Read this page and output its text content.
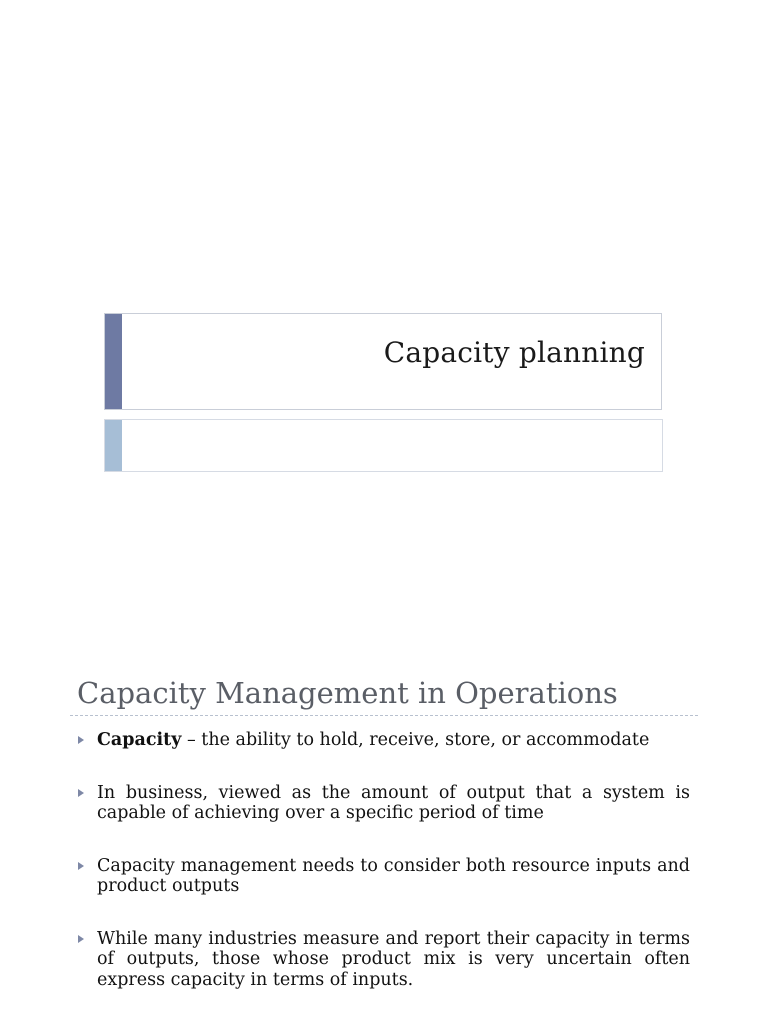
Capacity planning
Capacity Management in Operations
Capacity – the ability to hold, receive, store, or accommodate
In business, viewed as the amount of output that a system is capable of achieving over a specific period of time
Capacity management needs to consider both resource inputs and product outputs
While many industries measure and report their capacity in terms of outputs, those whose product mix is very uncertain often express capacity in terms of inputs.
